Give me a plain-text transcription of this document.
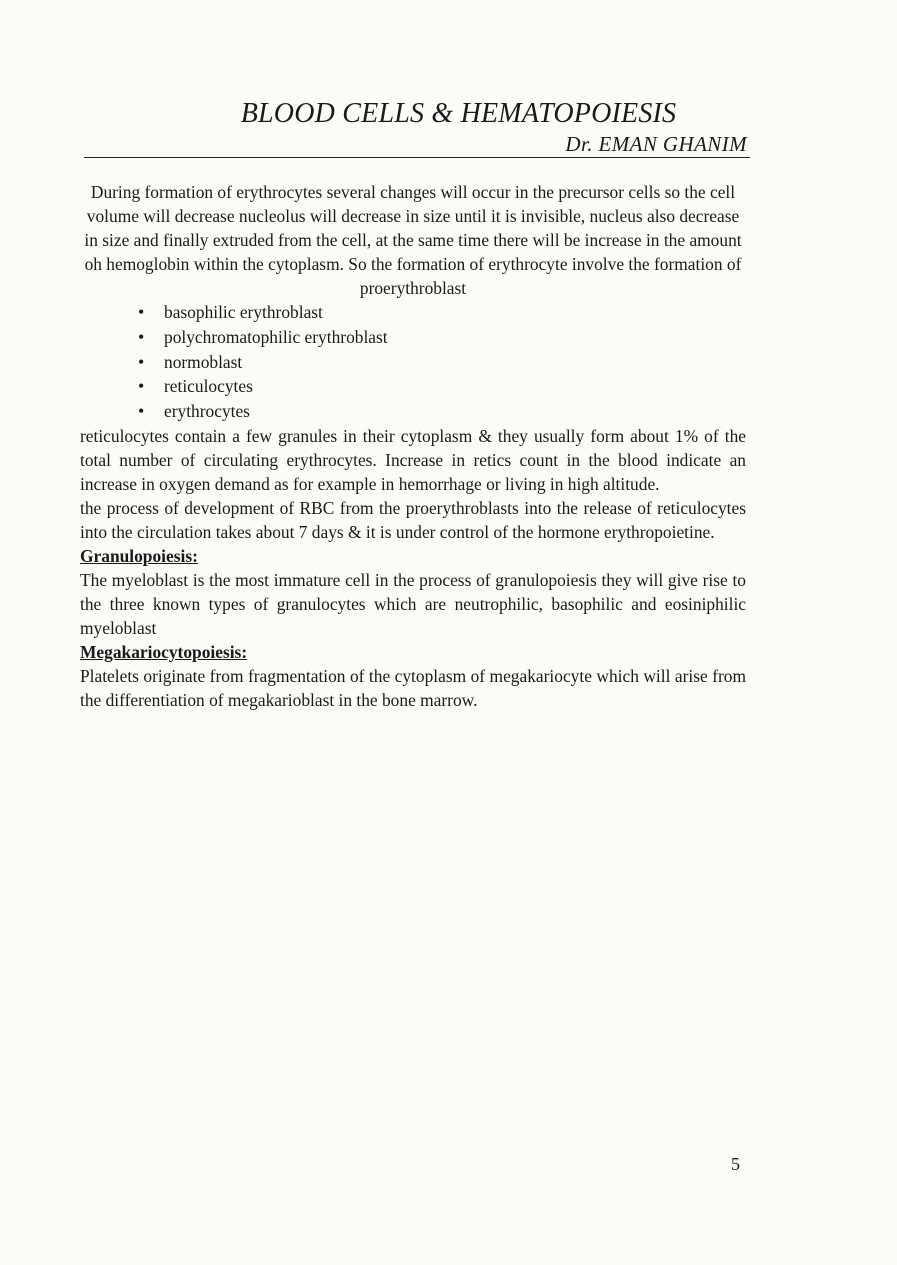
BLOOD CELLS & HEMATOPOIESIS
Dr. EMAN GHANIM

During formation of erythrocytes several changes will occur in the precursor cells so the cell volume will decrease nucleolus will decrease in size until it is invisible, nucleus also decrease in size and finally extruded from the cell, at the same time there will be increase in the amount oh hemoglobin within the cytoplasm. So the formation of erythrocyte involve the formation of proerythroblast

• basophilic erythroblast
• polychromatophilic erythroblast
• normoblast
• reticulocytes
• erythrocytes

reticulocytes contain a few granules in their cytoplasm & they usually form about 1% of the total number of circulating erythrocytes. Increase in retics count in the blood indicate an increase in oxygen demand as for example in hemorrhage or living in high altitude.

the process of development of RBC from the proerythroblasts into the release of reticulocytes into the circulation takes about 7 days & it is under control of the hormone erythropoietine.

Granulopoiesis:

The myeloblast is the most immature cell in the process of granulopoiesis they will give rise to the three known types of granulocytes which are neutrophilic, basophilic and eosiniphilic myeloblast

Megakariocytopoiesis:

Platelets originate from fragmentation of the cytoplasm of megakariocyte which will arise from the differentiation of megakarioblast in the bone marrow.

5
